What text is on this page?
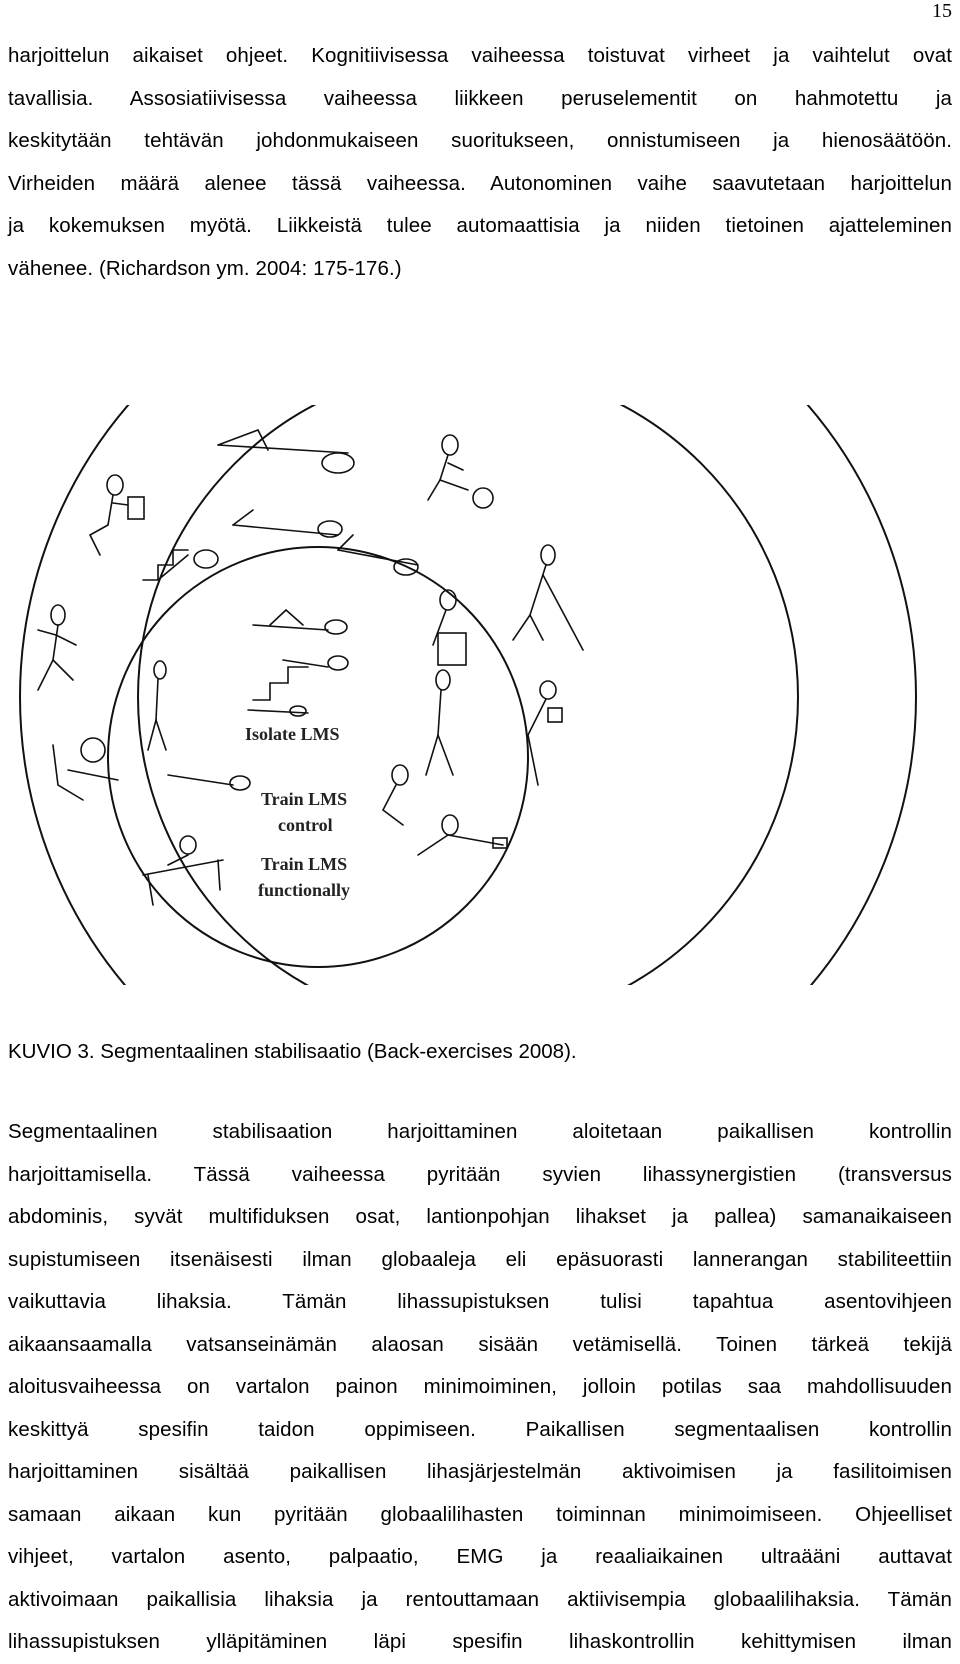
15
harjoittelun aikaiset ohjeet. Kognitiivisessa vaiheessa toistuvat virheet ja vaihtelut ovat
tavallisia. Assosiatiivisessa vaiheessa liikkeen peruselementit on hahmotettu ja
keskitytään tehtävän johdonmukaiseen suoritukseen, onnistumiseen ja hienosäätöön.
Virheiden määrä alenee tässä vaiheessa. Autonominen vaihe saavutetaan harjoittelun
ja kokemuksen myötä. Liikkeistä tulee automaattisia ja niiden tietoinen ajatteleminen
vähenee. (Richardson ym. 2004: 175-176.)
Isolate LMS
Train LMS
control
Train LMS
functionally
KUVIO 3. Segmentaalinen stabilisaatio (Back-exercises 2008).
Segmentaalinen stabilisaation harjoittaminen aloitetaan paikallisen kontrollin
harjoittamisella. Tässä vaiheessa pyritään syvien lihassynergistien (transversus
abdominis, syvät multifiduksen osat, lantionpohjan lihakset ja pallea) samanaikaiseen
supistumiseen itsenäisesti ilman globaaleja eli epäsuorasti lannerangan stabiliteettiin
vaikuttavia lihaksia. Tämän lihassupistuksen tulisi tapahtua asentovihjeen
aikaansaamalla vatsanseinämän alaosan sisään vetämisellä. Toinen tärkeä tekijä
aloitusvaiheessa on vartalon painon minimoiminen, jolloin potilas saa mahdollisuuden
keskittyä spesifin taidon oppimiseen. Paikallisen segmentaalisen kontrollin
harjoittaminen sisältää paikallisen lihasjärjestelmän aktivoimisen ja fasilitoimisen
samaan aikaan kun pyritään globaalilihasten toiminnan minimoimiseen. Ohjeelliset
vihjeet, vartalon asento, palpaatio, EMG ja reaaliaikainen ultraääni auttavat
aktivoimaan paikallisia lihaksia ja rentouttamaan aktiivisempia globaalilihaksia. Tämän
lihassupistuksen ylläpitäminen läpi spesifin lihaskontrollin kehittymisen ilman
